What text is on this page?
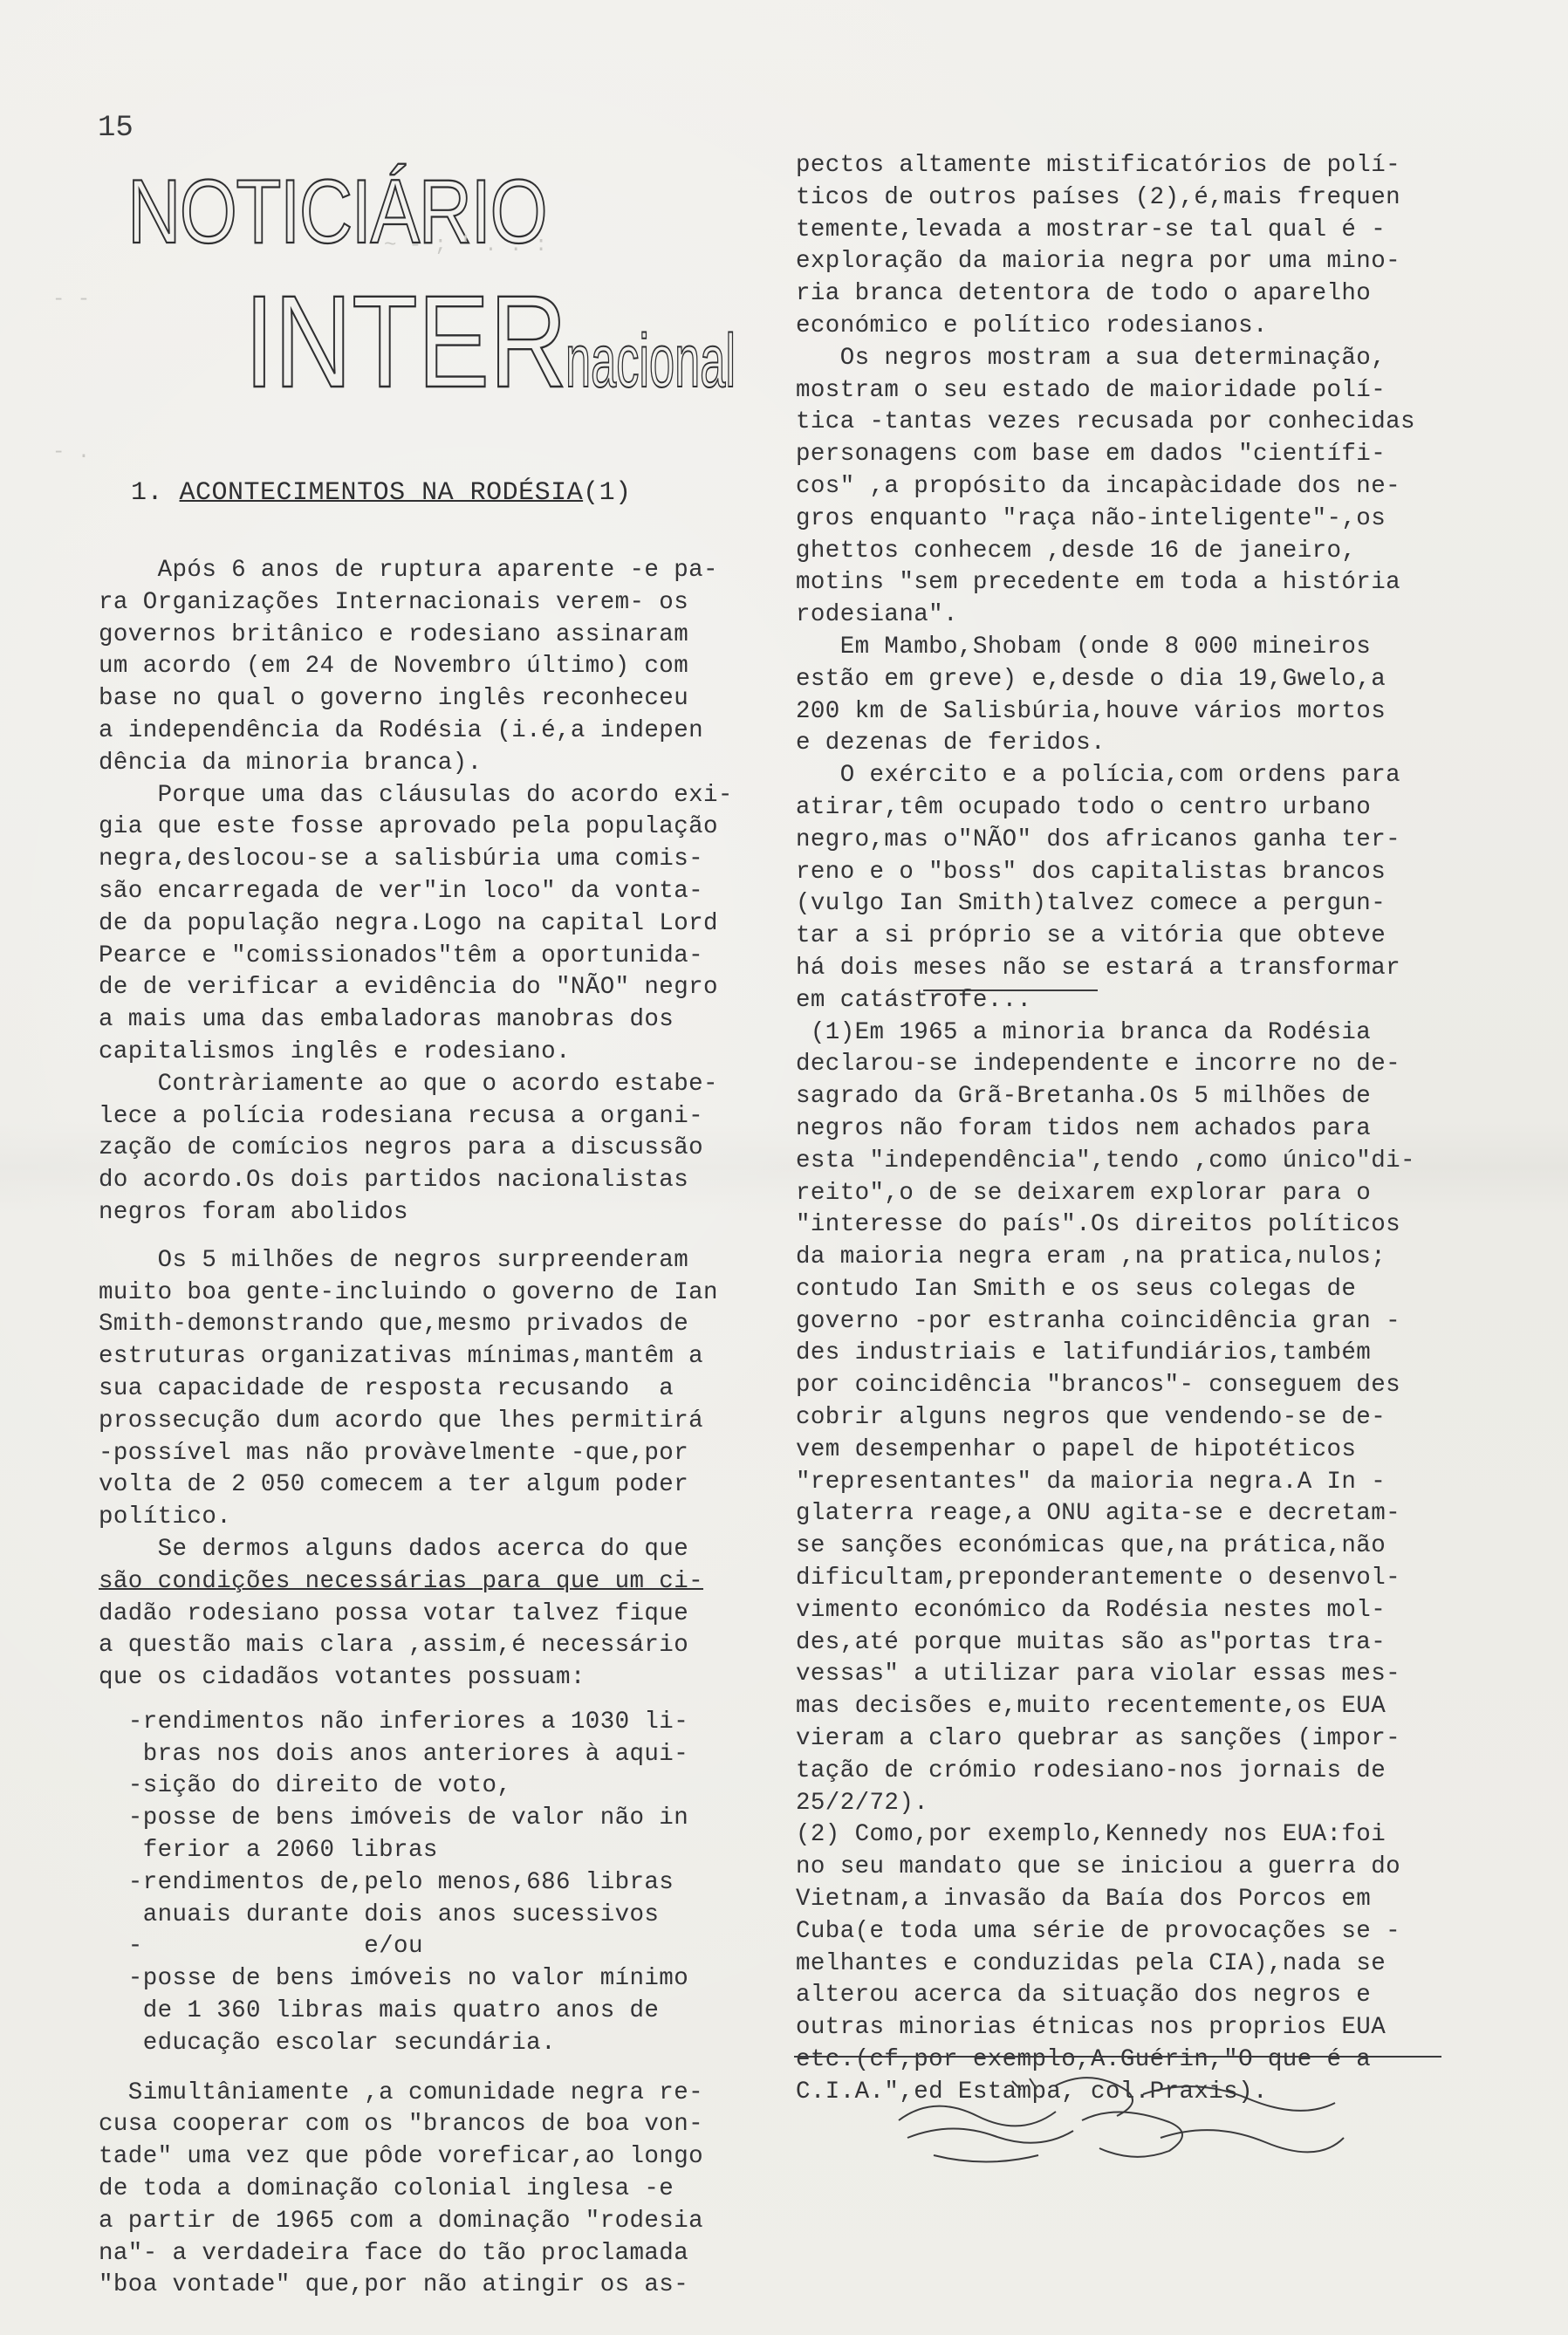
15
NOTICIÁRIO
INTER
nacional
~ - ; ' . . :
- -
- .
1. ACONTECIMENTOS NA RODÉSIA(1)

Após 6 anos de ruptura aparente -e pa-

ra Organizações Internacionais verem- os

governos britânico e rodesiano assinaram

um acordo (em 24 de Novembro último) com

base no qual o governo inglês reconheceu

a independência da Rodésia (i.é,a indepen

dência da minoria branca).

Porque uma das cláusulas do acordo exi-

gia que este fosse aprovado pela população

negra,deslocou-se a salisbúria uma comis-

são encarregada de ver"in loco" da vonta-

de da população negra.Logo na capital Lord

Pearce e "comissionados"têm a oportunida-

de de verificar a evidência do "NÃO" negro

a mais uma das embaladoras manobras dos

capitalismos inglês e rodesiano.

Contràriamente ao que o acordo estabe-

lece a polícia rodesiana recusa a organi-

zação de comícios negros para a discussão

do acordo.Os dois partidos nacionalistas

negros foram abolidos

Os 5 milhões de negros surpreenderam

muito boa gente-incluindo o governo de Ian

Smith-demonstrando que,mesmo privados de

estruturas organizativas mínimas,mantêm a

sua capacidade de resposta recusando  a

prossecução dum acordo que lhes permitirá

-possível mas não provàvelmente -que,por

volta de 2 050 comecem a ter algum poder

político.

Se dermos alguns dados acerca do que

são condições necessárias para que um ci-

dadão rodesiano possa votar talvez fique

a questão mais clara ,assim,é necessário

que os cidadãos votantes possuam:

-rendimentos não inferiores a 1030 li-

bras nos dois anos anteriores à aqui-

-sição do direito de voto,

-posse de bens imóveis de valor não in

ferior a 2060 libras

-rendimentos de,pelo menos,686 libras

anuais durante dois anos sucessivos

-               e/ou

-posse de bens imóveis no valor mínimo

de 1 360 libras mais quatro anos de

educação escolar secundária.

Simultâniamente ,a comunidade negra re-

cusa cooperar com os "brancos de boa von-

tade" uma vez que pôde voreficar,ao longo

de toda a dominação colonial inglesa -e

a partir de 1965 com a dominação "rodesia

na"- a verdadeira face do tão proclamada

"boa vontade" que,por não atingir os as-

pectos altamente mistificatórios de polí-

ticos de outros países (2),é,mais frequen

temente,levada a mostrar-se tal qual é -

exploração da maioria negra por uma mino-

ria branca detentora de todo o aparelho

económico e político rodesianos.

Os negros mostram a sua determinação,

mostram o seu estado de maioridade polí-

tica -tantas vezes recusada por conhecidas

personagens com base em dados "científi-

cos" ,a propósito da incapàcidade dos ne-

gros enquanto "raça não-inteligente"-,os

ghettos conhecem ,desde 16 de janeiro,

motins "sem precedente em toda a história

rodesiana".

Em Mambo,Shobam (onde 8 000 mineiros

estão em greve) e,desde o dia 19,Gwelo,a

200 km de Salisbúria,houve vários mortos

e dezenas de feridos.

O exército e a polícia,com ordens para

atirar,têm ocupado todo o centro urbano

negro,mas o"NÃO" dos africanos ganha ter-

reno e o "boss" dos capitalistas brancos

(vulgo Ian Smith)talvez comece a pergun-

tar a si próprio se a vitória que obteve

há dois meses não se estará a transformar

em catástrofe...

(1)Em 1965 a minoria branca da Rodésia

declarou-se independente e incorre no de-

sagrado da Grã-Bretanha.Os 5 milhões de

negros não foram tidos nem achados para

esta "independência",tendo ,como único"di-

reito",o de se deixarem explorar para o

"interesse do país".Os direitos políticos

da maioria negra eram ,na pratica,nulos;

contudo Ian Smith e os seus colegas de

governo -por estranha coincidência gran -

des industriais e latifundiários,também

por coincidência "brancos"- conseguem des

cobrir alguns negros que vendendo-se de-

vem desempenhar o papel de hipotéticos

"representantes" da maioria negra.A In -

glaterra reage,a ONU agita-se e decretam-

se sanções económicas que,na prática,não

dificultam,preponderantemente o desenvol-

vimento económico da Rodésia nestes mol-

des,até porque muitas são as"portas tra-

vessas" a utilizar para violar essas mes-

mas decisões e,muito recentemente,os EUA

vieram a claro quebrar as sanções (impor-

tação de crómio rodesiano-nos jornais de

25/2/72).

(2) Como,por exemplo,Kennedy nos EUA:foi

no seu mandato que se iniciou a guerra do

Vietnam,a invasão da Baía dos Porcos em

Cuba(e toda uma série de provocações se -

melhantes e conduzidas pela CIA),nada se

alterou acerca da situação dos negros e

outras minorias étnicas nos proprios EUA

etc.(cf,por exemplo,A.Guérin,"O que é a

C.I.A.",ed Estampa, col.Praxis).
